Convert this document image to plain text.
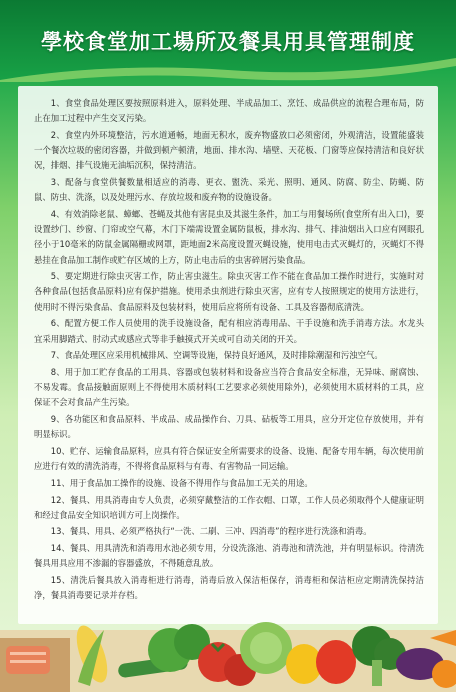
學校食堂加工場所及餐具用具管理制度

1、食堂食品处理区要按照原料进入，原料处理、半成品加工、烹饪、成品供应的流程合理布局，防止在加工过程中产生交叉污染。

2、食堂内外环境整洁，污水道通畅，地面无积水，废弃物盛放口必须密闭，外观清洁，设置能盛装一个餐次垃圾的密闭容器，并做到顿产顿清，地面、排水沟、墙壁、天花板、门窗等应保持清洁和良好状况，排烟、排气设施无油垢沉积，保持清洁。

3、配备与食堂供餐数量相适应的消毒、更衣、盥洗、采光、照明、通风、防腐、防尘、防蝇、防鼠、防虫、洗涤，以及处理污水、存放垃圾和废弃物的设施设备。

4、有效消除老鼠、蟑螂、苍蝇及其他有害昆虫及其滋生条件，加工与用餐场所(食堂所有出入口)，要设置纱门、纱窗、门帘或空气幕，木门下端需设置金属防鼠板，排水沟、排气、排油烟出入口应有网眼孔径小于10毫米的防鼠金属隔栅或网罩，距地面2米高度设置灭蝇设施，使用电击式灭蝇灯的，灭蝇灯不得悬挂在食品加工制作或贮存区域的上方，防止电击后的虫害碎屑污染食品。

5、要定期进行除虫灭害工作，防止害虫滋生。除虫灭害工作不能在食品加工操作时进行，实施时对各种食品(包括食品原料)应有保护措施。使用杀虫剂进行除虫灭害，应有专人按照规定的使用方法进行，使用时不得污染食品、食品原料及包装材料，使用后应将所有设备、工具及容器彻底清洗。

6、配置方便工作人员使用的洗手设施设备，配有相应消毒用品、干手设施和洗手消毒方法。水龙头宜采用脚踏式、肘动式或感应式等非手触摸式开关或可自动关闭的开关。

7、食品处理区应采用机械排风、空调等设施，保持良好通风，及时排除潮湿和污浊空气。

8、用于加工贮存食品的工用具、容器或包装材料和设备应当符合食品安全标准，无异味、耐腐蚀、不易发霉。食品接触面原则上不得使用木质材料(工艺要求必须使用除外)，必须使用木质材料的工具，应保证不会对食品产生污染。

9、各功能区和食品原料、半成品、成品操作台、刀具、砧板等工用具，应分开定位存放使用，并有明显标识。

10、贮存、运输食品原料，应具有符合保证安全所需要求的设备、设施、配备专用车辆，每次使用前应进行有效的清洗消毒，不得将食品原料与有毒、有害物品一同运输。

11、用于食品加工操作的设施、设备不得用作与食品加工无关的用途。

12、餐具、用具消毒由专人负责，必须穿戴整洁的工作衣帽、口罩，工作人员必须取得个人健康证明和经过食品安全知识培训方可上岗操作。

13、餐具、用具、必须严格执行“一洗、二刷、三冲、四消毒”的程序进行洗涤和消毒。

14、餐具、用具清洗和消毒用水池必须专用，分设洗涤池、消毒池和清洗池，并有明显标识。待清洗餐具用具应用不渗漏的容器盛放，不得随意乱放。

15、清洗后餐具放入消毒柜进行消毒，消毒后放入保洁柜保存，消毒柜和保洁柜应定期清洗保持洁净，餐具消毒要记录并存档。
